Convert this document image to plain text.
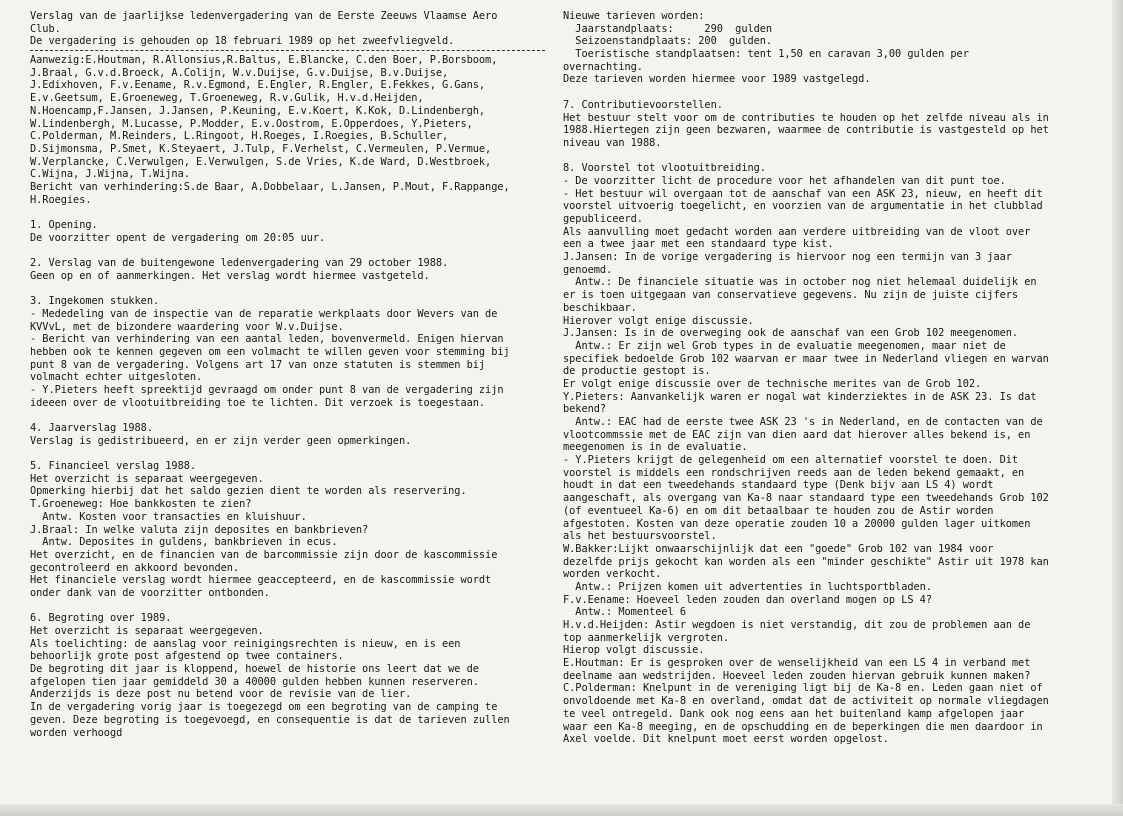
Verslag van de jaarlijkse ledenvergadering van de Eerste Zeeuws Vlaamse Aero
Club.
De vergadering is gehouden op 18 februari 1989 op het zweefvliegveld.
Aanwezig:E.Houtman, R.Allonsius,R.Baltus, E.Blancke, C.den Boer, P.Borsboom,
J.Braal, G.v.d.Broeck, A.Colijn, W.v.Duijse, G.v.Duijse, B.v.Duijse,
J.Edixhoven, F.v.Eename, R.v.Egmond, E.Engler, R.Engler, E.Fekkes, G.Gans,
E.v.Geetsum, E.Groeneweg, T.Groeneweg, R.v.Gulik, H.v.d.Heijden,
N.Hoencamp,F.Jansen, J.Jansen, P.Keuning, E.v.Koert, K.Kok, D.Lindenbergh,
W.Lindenbergh, M.Lucasse, P.Modder, E.v.Oostrom, E.Opperdoes, Y.Pieters,
C.Polderman, M.Reinders, L.Ringoot, H.Roeges, I.Roegies, B.Schuller,
D.Sijmonsma, P.Smet, K.Steyaert, J.Tulp, F.Verhelst, C.Vermeulen, P.Vermue,
W.Verplancke, C.Verwulgen, E.Verwulgen, S.de Vries, K.de Ward, D.Westbroek,
C.Wijna, J.Wijna, T.Wijna.
Bericht van verhindering:S.de Baar, A.Dobbelaar, L.Jansen, P.Mout, F.Rappange,
H.Roegies.
1. Opening.
De voorzitter opent de vergadering om 20:05 uur.
2. Verslag van de buitengewone ledenvergadering van 29 october 1988.
Geen op en of aanmerkingen. Het verslag wordt hiermee vastgeteld.
3. Ingekomen stukken.
- Mededeling van de inspectie van de reparatie werkplaats door Wevers van de
KVVvL, met de bizondere waardering voor W.v.Duijse.
- Bericht van verhindering van een aantal leden, bovenvermeld. Enigen hiervan
hebben ook te kennen gegeven om een volmacht te willen geven voor stemming bij
punt 8 van de vergadering. Volgens art 17 van onze statuten is stemmen bij
volmacht echter uitgesloten.
- Y.Pieters heeft spreektijd gevraagd om onder punt 8 van de vergadering zijn
ideeen over de vlootuitbreiding toe te lichten. Dit verzoek is toegestaan.
4. Jaarverslag 1988.
Verslag is gedistribueerd, en er zijn verder geen opmerkingen.
5. Financieel verslag 1988.
Het overzicht is separaat weergegeven.
Opmerking hierbij dat het saldo gezien dient te worden als reservering.
T.Groeneweg: Hoe bankkosten te zien?
Antw. Kosten voor transacties en kluishuur.
J.Braal: In welke valuta zijn deposites en bankbrieven?
Antw. Deposites in guldens, bankbrieven in ecus.
Het overzicht, en de financien van de barcommissie zijn door de kascommissie
gecontroleerd en akkoord bevonden.
Het financiele verslag wordt hiermee geaccepteerd, en de kascommissie wordt
onder dank van de voorzitter ontbonden.
6. Begroting over 1989.
Het overzicht is separaat weergegeven.
Als toelichting: de aanslag voor reinigingsrechten is nieuw, en is een
behoorlijk grote post afgestend op twee containers.
De begroting dit jaar is kloppend, hoewel de historie ons leert dat we de
afgelopen tien jaar gemiddeld 30 a 40000 gulden hebben kunnen reserveren.
Anderzijds is deze post nu betend voor de revisie van de lier.
In de vergadering vorig jaar is toegezegd om een begroting van de camping te
geven. Deze begroting is toegevoegd, en consequentie is dat de tarieven zullen
worden verhoogd
Nieuwe tarieven worden:
Jaarstandplaats:     290  gulden
Seizoenstandplaats: 200  gulden.
Toeristische standplaatsen: tent 1,50 en caravan 3,00 gulden per
overnachting.
Deze tarieven worden hiermee voor 1989 vastgelegd.
7. Contributievoorstellen.
Het bestuur stelt voor om de contributies te houden op het zelfde niveau als in
1988.Hiertegen zijn geen bezwaren, waarmee de contributie is vastgesteld op het
niveau van 1988.
8. Voorstel tot vlootuitbreiding.
- De voorzitter licht de procedure voor het afhandelen van dit punt toe.
- Het bestuur wil overgaan tot de aanschaf van een ASK 23, nieuw, en heeft dit
voorstel uitvoerig toegelicht, en voorzien van de argumentatie in het clubblad
gepubliceerd.
Als aanvulling moet gedacht worden aan verdere uitbreiding van de vloot over
een a twee jaar met een standaard type kist.
J.Jansen: In de vorige vergadering is hiervoor nog een termijn van 3 jaar
genoemd.
Antw.: De financiele situatie was in october nog niet helemaal duidelijk en
er is toen uitgegaan van conservatieve gegevens. Nu zijn de juiste cijfers
beschikbaar.
Hierover volgt enige discussie.
J.Jansen: Is in de overweging ook de aanschaf van een Grob 102 meegenomen.
Antw.: Er zijn wel Grob types in de evaluatie meegenomen, maar niet de
specifiek bedoelde Grob 102 waarvan er maar twee in Nederland vliegen en warvan
de productie gestopt is.
Er volgt enige discussie over de technische merites van de Grob 102.
Y.Pieters: Aanvankelijk waren er nogal wat kinderziektes in de ASK 23. Is dat
bekend?
Antw.: EAC had de eerste twee ASK 23 's in Nederland, en de contacten van de
vlootcommssie met de EAC zijn van dien aard dat hierover alles bekend is, en
meegenomen is in de evaluatie.
- Y.Pieters krijgt de gelegenheid om een alternatief voorstel te doen. Dit
voorstel is middels een rondschrijven reeds aan de leden bekend gemaakt, en
houdt in dat een tweedehands standaard type (Denk bijv aan LS 4) wordt
aangeschaft, als overgang van Ka-8 naar standaard type een tweedehands Grob 102
(of eventueel Ka-6) en om dit betaalbaar te houden zou de Astir worden
afgestoten. Kosten van deze operatie zouden 10 a 20000 gulden lager uitkomen
als het bestuursvoorstel.
W.Bakker:Lijkt onwaarschijnlijk dat een "goede" Grob 102 van 1984 voor
dezelfde prijs gekocht kan worden als een "minder geschikte" Astir uit 1978 kan
worden verkocht.
Antw.: Prijzen komen uit advertenties in luchtsportbladen.
F.v.Eename: Hoeveel leden zouden dan overland mogen op LS 4?
Antw.: Momenteel 6
H.v.d.Heijden: Astir wegdoen is niet verstandig, dit zou de problemen aan de
top aanmerkelijk vergroten.
Hierop volgt discussie.
E.Houtman: Er is gesproken over de wenselijkheid van een LS 4 in verband met
deelname aan wedstrijden. Hoeveel leden zouden hiervan gebruik kunnen maken?
C.Polderman: Knelpunt in de vereniging ligt bij de Ka-8 en. Leden gaan niet of
onvoldoende met Ka-8 en overland, omdat dat de activiteit op normale vliegdagen
te veel ontregeld. Dank ook nog eens aan het buitenland kamp afgelopen jaar
waar een Ka-8 meeging, en de opschudding en de beperkingen die men daardoor in
Axel voelde. Dit knelpunt moet eerst worden opgelost.
